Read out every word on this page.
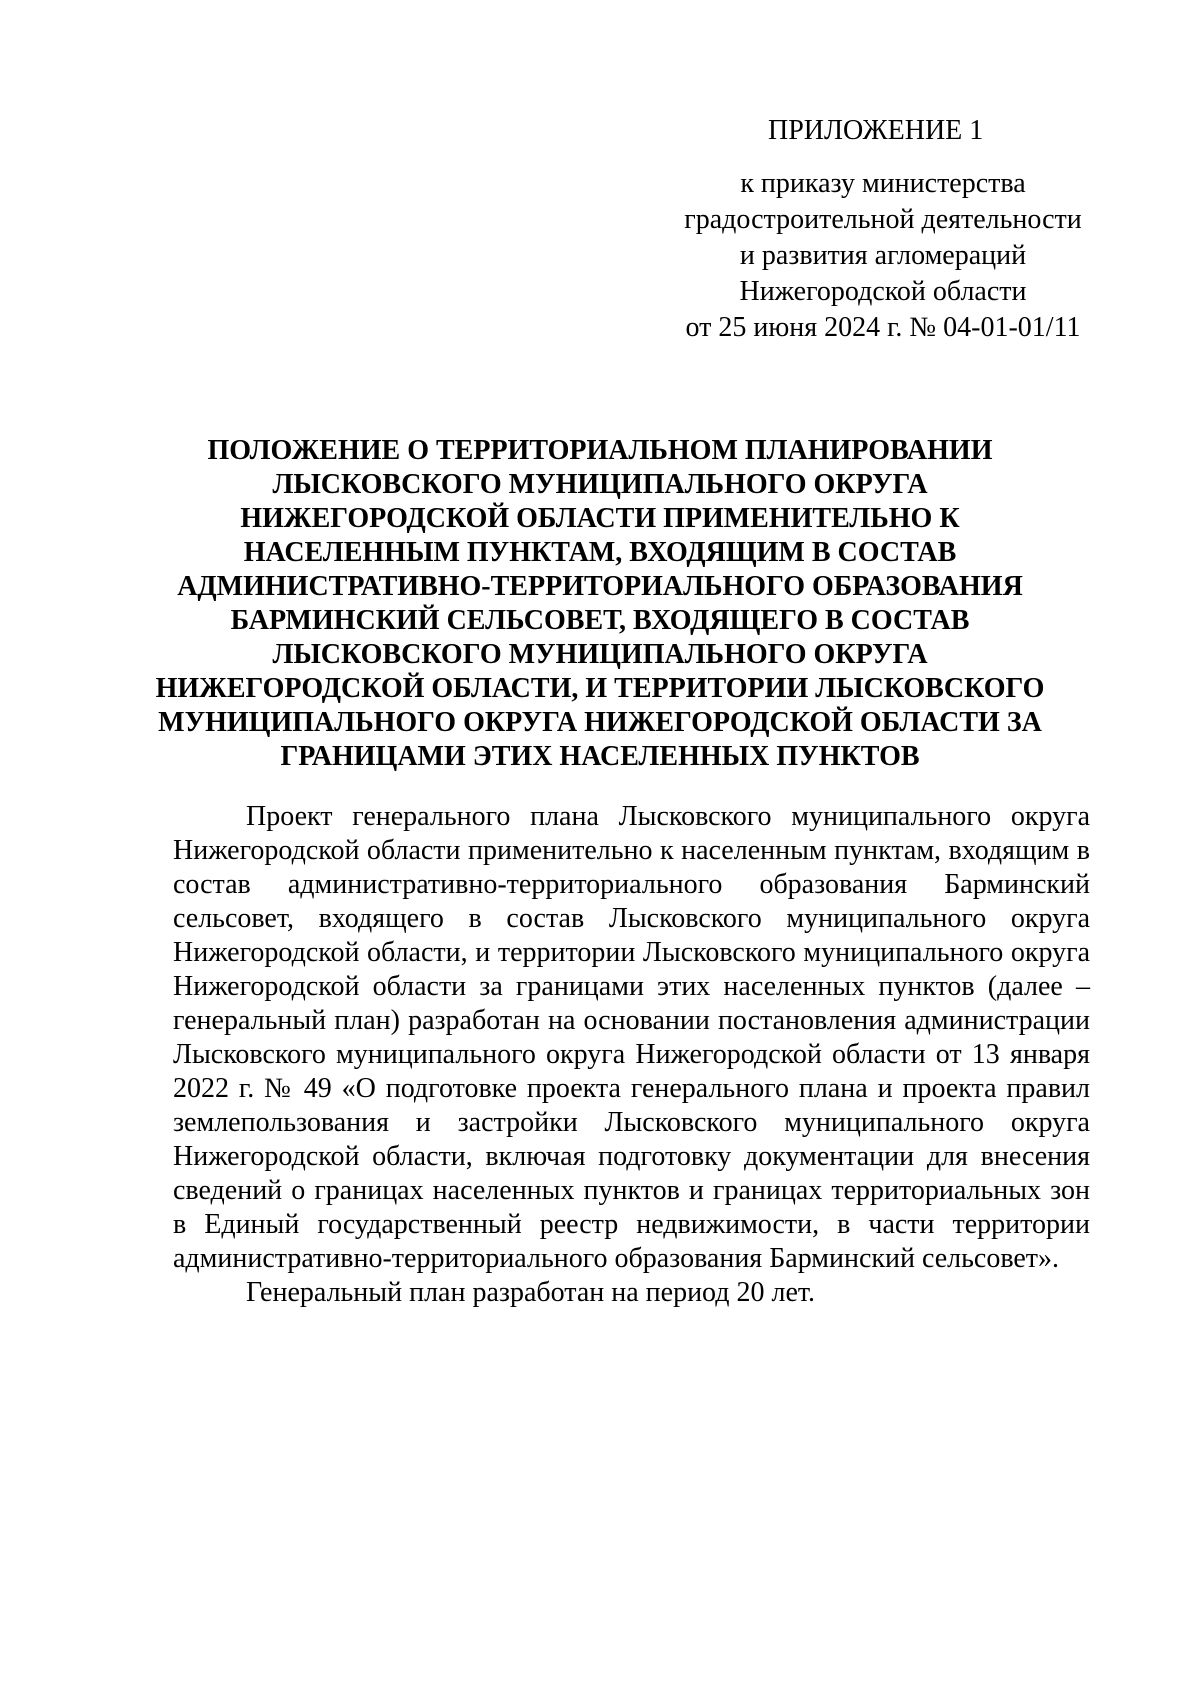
ПРИЛОЖЕНИЕ 1
к приказу министерства
градостроительной деятельности
и развития агломераций
Нижегородской области
от 25 июня 2024 г. № 04-01-01/11
ПОЛОЖЕНИЕ О ТЕРРИТОРИАЛЬНОМ ПЛАНИРОВАНИИ
ЛЫСКОВСКОГО МУНИЦИПАЛЬНОГО ОКРУГА
НИЖЕГОРОДСКОЙ ОБЛАСТИ ПРИМЕНИТЕЛЬНО К
НАСЕЛЕННЫМ ПУНКТАМ, ВХОДЯЩИМ В СОСТАВ
АДМИНИСТРАТИВНО-ТЕРРИТОРИАЛЬНОГО ОБРАЗОВАНИЯ
БАРМИНСКИЙ СЕЛЬСОВЕТ, ВХОДЯЩЕГО В СОСТАВ
ЛЫСКОВСКОГО МУНИЦИПАЛЬНОГО ОКРУГА
НИЖЕГОРОДСКОЙ ОБЛАСТИ, И ТЕРРИТОРИИ ЛЫСКОВСКОГО
МУНИЦИПАЛЬНОГО ОКРУГА НИЖЕГОРОДСКОЙ ОБЛАСТИ ЗА
ГРАНИЦАМИ ЭТИХ НАСЕЛЕННЫХ ПУНКТОВ

Проект генерального плана Лысковского муниципального округа Нижегородской области применительно к населенным пунктам, входящим в состав административно-территориального образования Барминский сельсовет, входящего в состав Лысковского муниципального округа Нижегородской области, и территории Лысковского муниципального округа Нижегородской области за границами этих населенных пунктов (далее – генеральный план) разработан на основании постановления администрации Лысковского муниципального округа Нижегородской области от 13 января 2022 г. № 49 «О подготовке проекта генерального плана и проекта правил землепользования и застройки Лысковского муниципального округа Нижегородской области, включая подготовку документации для внесения сведений о границах населенных пунктов и границах территориальных зон в Единый государственный реестр недвижимости, в части территории административно-территориального образования Барминский сельсовет».

Генеральный план разработан на период 20 лет.
